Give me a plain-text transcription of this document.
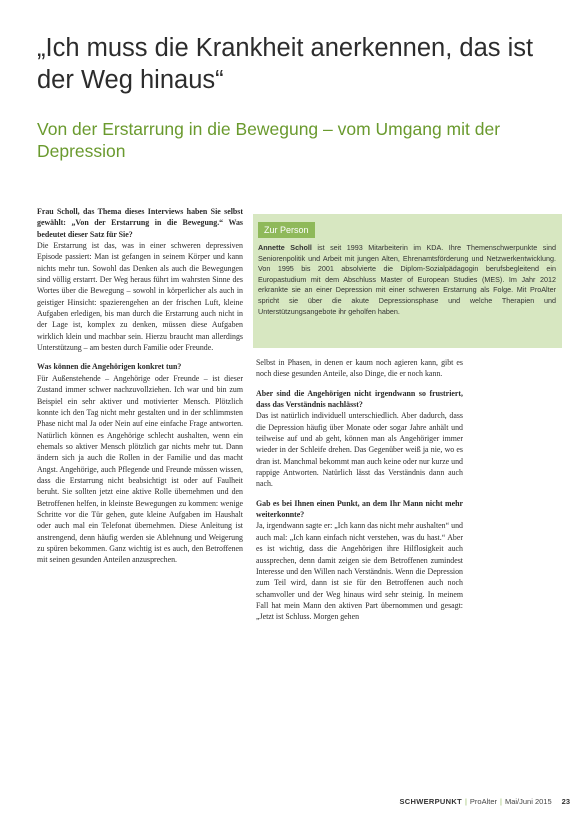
„Ich muss die Krankheit anerkennen, das ist der Weg hinaus“
Von der Erstarrung in die Bewegung – vom Umgang mit der Depression

Frau Scholl, das Thema dieses Interviews haben Sie selbst gewählt: „Von der Erstarrung in die Bewegung.“ Was bedeutet dieser Satz für Sie?

Die Erstarrung ist das, was in einer schweren depressiven Episode passiert: Man ist gefangen in seinem Körper und kann nichts mehr tun. Sowohl das Denken als auch die Bewegungen sind völlig erstarrt. Der Weg heraus führt im wahrsten Sinne des Wortes über die Bewegung – sowohl in körperlicher als auch in geistiger Hinsicht: spazierengehen an der frischen Luft, kleine Aufgaben erledigen, bis man durch die Erstarrung auch nicht in der Lage ist, komplex zu denken, müssen diese Aufgaben wirklich klein und machbar sein. Hierzu braucht man allerdings Unterstützung – am besten durch Familie oder Freunde.

Was können die Angehörigen konkret tun?

Für Außenstehende – Angehörige oder Freunde – ist dieser Zustand immer schwer nachzuvollziehen. Ich war und bin zum Beispiel ein sehr aktiver und motivierter Mensch. Plötzlich konnte ich den Tag nicht mehr gestalten und in der schlimmsten Phase nicht mal Ja oder Nein auf eine einfache Frage antworten. Natürlich können es Angehörige schlecht aushalten, wenn ein ehemals so aktiver Mensch plötzlich gar nichts mehr tut. Dann ändern sich ja auch die Rollen in der Familie und das macht Angst. Angehörige, auch Pflegende und Freunde müssen wissen, dass die Erstarrung nicht beabsichtigt ist oder auf Faulheit beruht. Sie sollten jetzt eine aktive Rolle übernehmen und den Betroffenen helfen, in kleinste Bewegungen zu kommen: wenige Schritte vor die Tür gehen, gute kleine Aufgaben im Haushalt oder auch mal ein Telefonat übernehmen. Diese Anleitung ist anstrengend, denn häufig werden sie Ablehnung und Weigerung zu spüren bekommen. Ganz wichtig ist es auch, den Betroffenen mit seinen gesunden Anteilen anzusprechen.

Zur Person
Annette Scholl ist seit 1993 Mitarbeiterin im KDA. Ihre Themenschwerpunkte sind Seniorenpolitik und Arbeit mit jungen Alten, Ehrenamtsförderung und Netzwerkentwicklung. Von 1995 bis 2001 absolvierte die Diplom-Sozialpädagogin berufsbegleitend ein Europastudium mit dem Abschluss Master of European Studies (MES). Im Jahr 2012 erkrankte sie an einer Depression mit einer schweren Erstarrung als Folge. Mit ProAlter spricht sie über die akute Depressionsphase und welche Therapien und Unterstützungsangebote ihr geholfen haben.

Selbst in Phasen, in denen er kaum noch agieren kann, gibt es noch diese gesunden Anteile, also Dinge, die er noch kann.

Aber sind die Angehörigen nicht irgendwann so frustriert, dass das Verständnis nachlässt?

Das ist natürlich individuell unterschiedlich. Aber dadurch, dass die Depression häufig über Monate oder sogar Jahre anhält und teilweise auf und ab geht, können man als Angehöriger immer wieder in der Schleife drehen. Das Gegenüber weiß ja nie, wo es dran ist. Manchmal bekommt man auch keine oder nur kurze und rappige Antworten. Natürlich lässt das Verständnis dann auch nach.

Gab es bei Ihnen einen Punkt, an dem Ihr Mann nicht mehr weiterkonnte?

Ja, irgendwann sagte er: „Ich kann das nicht mehr aushalten“ und auch mal: „Ich kann einfach nicht verstehen, was du hast.“ Aber es ist wichtig, dass die Angehörigen ihre Hilflosigkeit auch aussprechen, denn damit zeigen sie dem Betroffenen zumindest Interesse und den Willen nach Verständnis. Wenn die Depression zum Teil wird, dann ist sie für den Betroffenen auch noch schamvoller und der Weg hinaus wird sehr steinig. In meinem Fall hat mein Mann den aktiven Part übernommen und gesagt: „Jetzt ist Schluss. Morgen gehen

SCHWERPUNKT | ProAlter | Mai/Juni 2015 23
